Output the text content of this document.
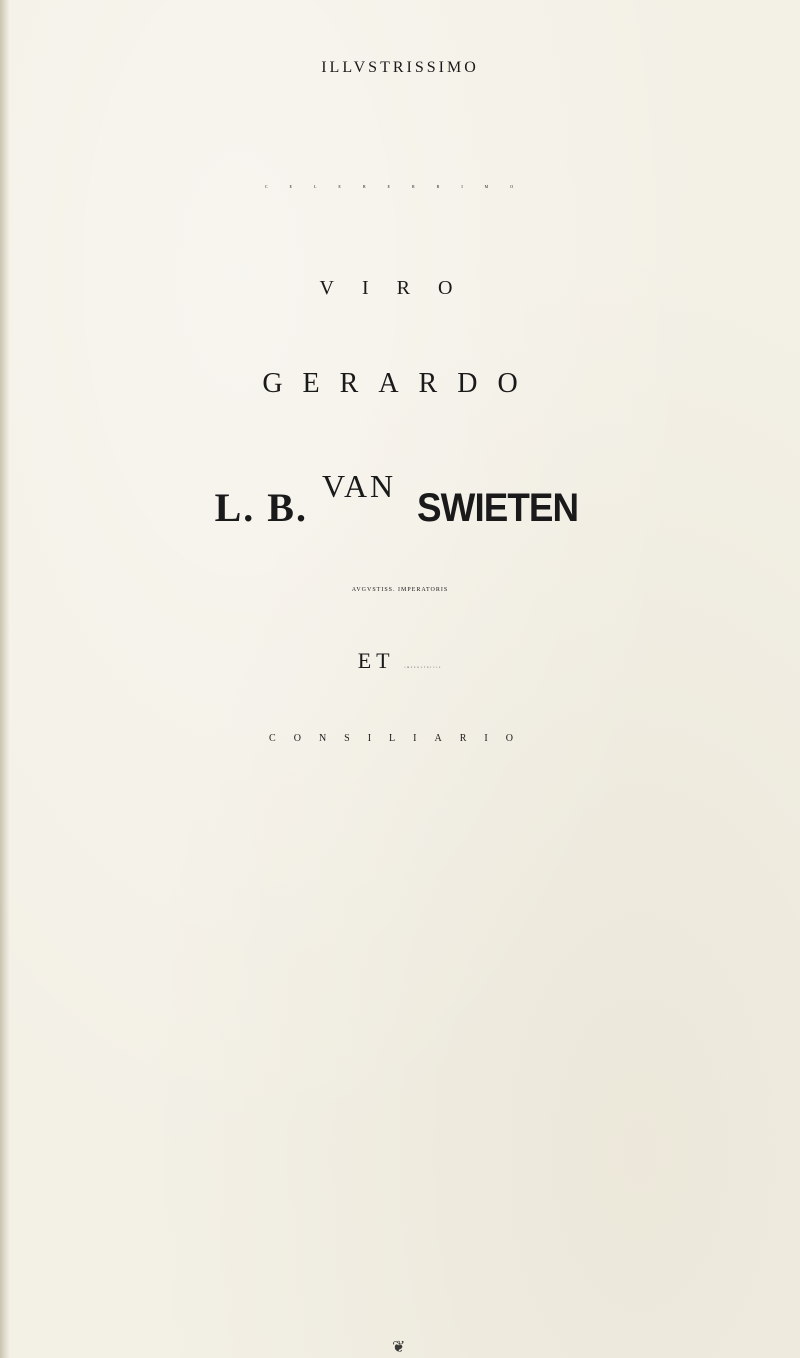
ILLVSTRISSIMO
CELEBERRIMO
VIRO
GERARDO
L. B. $^{VAN}$ SWIETEN
AVGVSTISS. IMPERATORIS
ET	IMPERATRICIS
CONSILIARIO
❦
